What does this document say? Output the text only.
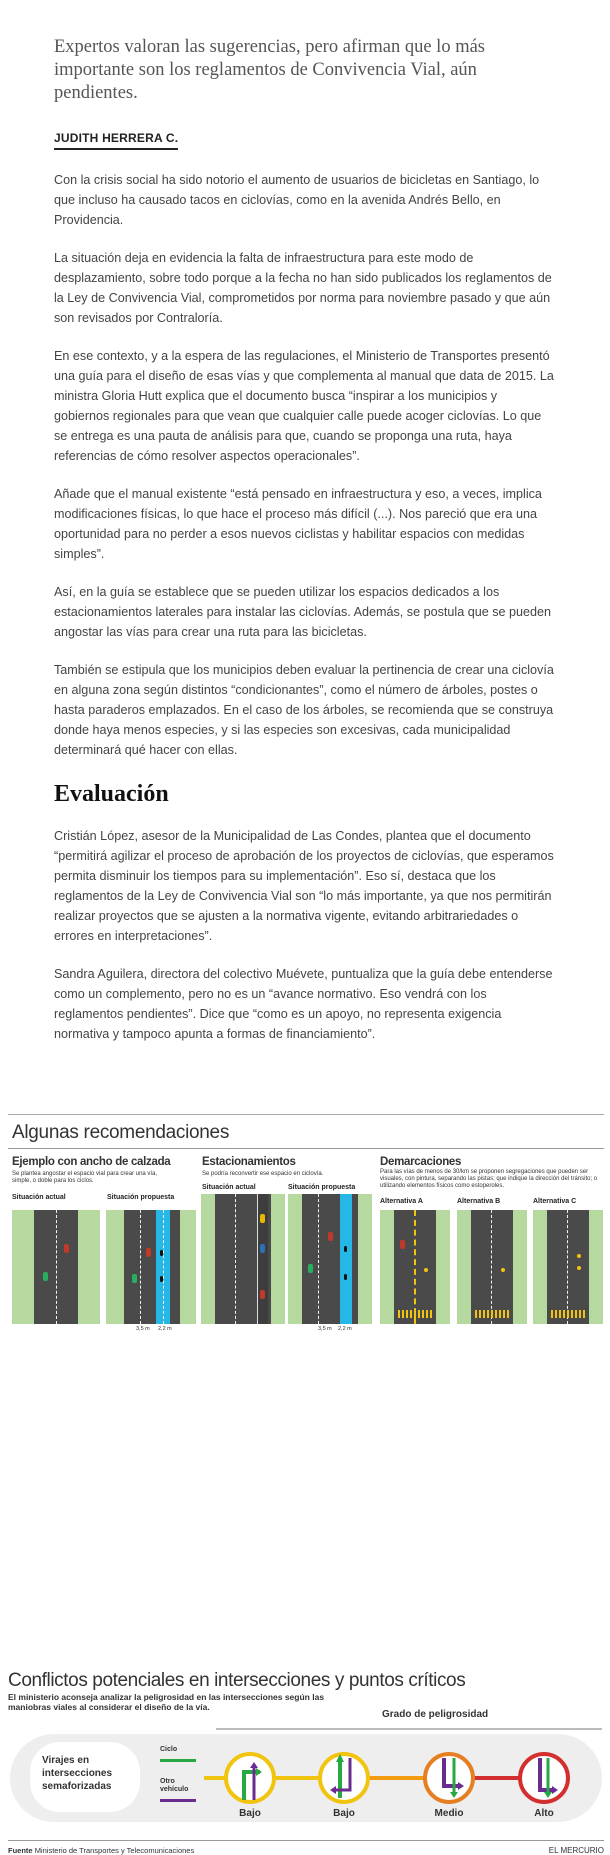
Expertos valoran las sugerencias, pero afirman que lo más importante son los reglamentos de Convivencia Vial, aún pendientes.

JUDITH HERRERA C.

Con la crisis social ha sido notorio el aumento de usuarios de bicicletas en Santiago, lo que incluso ha causado tacos en ciclovías, como en la avenida Andrés Bello, en Providencia.

La situación deja en evidencia la falta de infraestructura para este modo de desplazamiento, sobre todo porque a la fecha no han sido publicados los reglamentos de la Ley de Convivencia Vial, comprometidos por norma para noviembre pasado y que aún son revisados por Contraloría.

En ese contexto, y a la espera de las regulaciones, el Ministerio de Transportes presentó una guía para el diseño de esas vías y que complementa al manual que data de 2015. La ministra Gloria Hutt explica que el documento busca “inspirar a los municipios y gobiernos regionales para que vean que cualquier calle puede acoger ciclovías. Lo que se entrega es una pauta de análisis para que, cuando se proponga una ruta, haya referencias de cómo resolver aspectos operacionales”.

Añade que el manual existente “está pensado en infraestructura y eso, a veces, implica modificaciones físicas, lo que hace el proceso más difícil (...). Nos pareció que era una oportunidad para no perder a esos nuevos ciclistas y habilitar espacios con medidas simples”.

Así, en la guía se establece que se pueden utilizar los espacios dedicados a los estacionamientos laterales para instalar las ciclovías. Además, se postula que se pueden angostar las vías para crear una ruta para las bicicletas.

También se estipula que los municipios deben evaluar la pertinencia de crear una ciclovía en alguna zona según distintos “condicionantes”, como el número de árboles, postes o hasta paraderos emplazados. En el caso de los árboles, se recomienda que se construya donde haya menos especies, y si las especies son excesivas, cada municipalidad determinará qué hacer con ellas.

Evaluación

Cristián López, asesor de la Municipalidad de Las Condes, plantea que el documento “permitirá agilizar el proceso de aprobación de los proyectos de ciclovías, que esperamos permita disminuir los tiempos para su implementación”. Eso sí, destaca que los reglamentos de la Ley de Convivencia Vial son “lo más importante, ya que nos permitirán realizar proyectos que se ajusten a la normativa vigente, evitando arbitrariedades o errores en interpretaciones”.

Sandra Aguilera, directora del colectivo Muévete, puntualiza que la guía debe entenderse como un complemento, pero no es un “avance normativo. Eso vendrá con los reglamentos pendientes”. Dice que “como es un apoyo, no representa exigencia normativa y tampoco apunta a formas de financiamiento”.

Algunas recomendaciones
Ejemplo con ancho de calzada
Se plantea angostar el espacio vial para crear una vía, simple, o doble para los ciclos.
Situación actual	Situación propuesta
3,5 m 2,2 m
Estacionamientos
Se podría reconvertir ese espacio en ciclovía.
Situación actual	Situación propuesta
3,5 m 2,2 m
Demarcaciones
Para las vías de menos de 30/km se proponen segregaciones que pueden ser visuales, con pintura, separando las pistas; que indique la dirección del tránsito; o utilizando elementos físicos como estoperoles.
Alternativa A	Alternativa B	Alternativa C
Conflictos potenciales en intersecciones y puntos críticos
El ministerio aconseja analizar la peligrosidad en las intersecciones según las maniobras viales al considerar el diseño de la vía.
Grado de peligrosidad
Virajes en intersecciones semaforizadas
Ciclo
Otro vehículo
Bajo	Bajo	Medio	Alto
Fuente Ministerio de Transportes y Telecomunicaciones	EL MERCURIO
